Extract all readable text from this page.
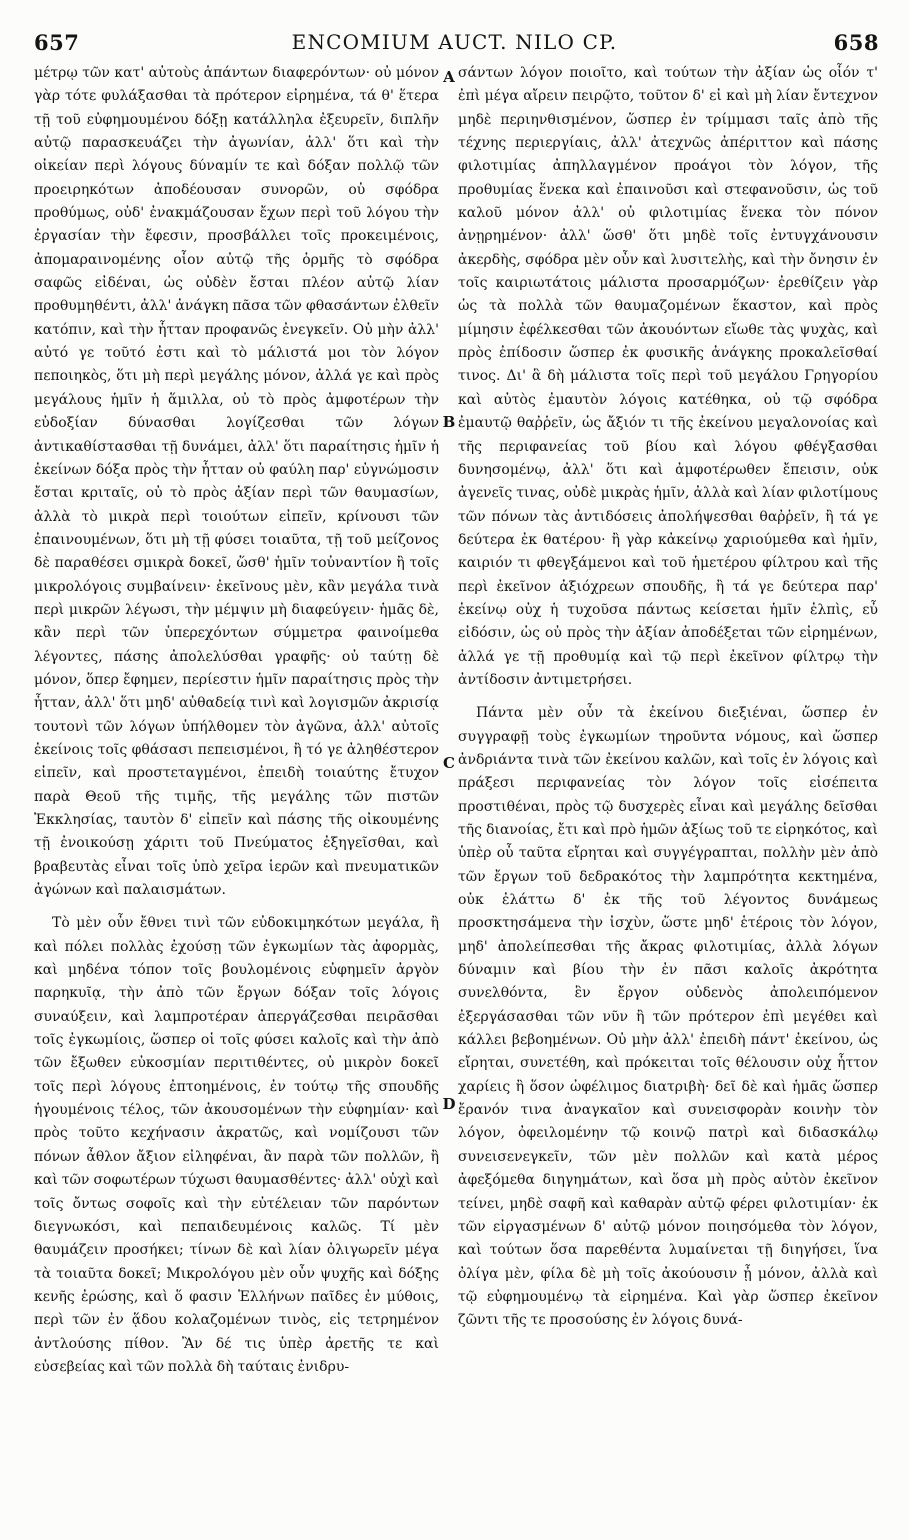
657	ENCOMIUM AUCT. NILO CP.	658

μέτρῳ τῶν κατ' αὐτοὺς ἁπάντων διαφερόντων· οὐ μόνον γὰρ τότε φυλάξασθαι τὰ πρότερον εἰρημένα, τά θ' ἕτερα τῇ τοῦ εὐφημουμένου δόξῃ κατάλληλα ἐξευρεῖν, διπλῆν αὐτῷ παρασκευάζει τὴν ἀγωνίαν, ἀλλ' ὅτι καὶ τὴν οἰκείαν περὶ λόγους δύναμίν τε καὶ δόξαν πολλῷ τῶν προειρηκότων ἀποδέουσαν συνορῶν, οὐ σφόδρα προθύμως, οὐδ' ἐνακμάζουσαν ἔχων περὶ τοῦ λόγου τὴν ἐργασίαν τὴν ἔφεσιν, προσβάλλει τοῖς προκειμένοις, ἀπομαραινομένης οἷον αὐτῷ τῆς ὁρμῆς τὸ σφόδρα σαφῶς εἰδέναι, ὡς οὐδὲν ἔσται πλέον αὐτῷ λίαν προθυμηθέντι, ἀλλ' ἀνάγκη πᾶσα τῶν φθασάντων ἐλθεῖν κατόπιν, καὶ τὴν ἧτταν προφανῶς ἐνεγκεῖν. Οὐ μὴν ἀλλ' αὐτό γε τοῦτό ἐστι καὶ τὸ μάλιστά μοι τὸν λόγον πεποιηκὸς, ὅτι μὴ περὶ μεγάλης μόνον, ἀλλά γε καὶ πρὸς μεγάλους ἡμῖν ἡ ἅμιλλα, οὐ τὸ πρὸς ἀμφοτέρων τὴν εὐδοξίαν δύνασθαι λογίζεσθαι τῶν λόγων ἀντικαθίστασθαι τῇ δυνάμει, ἀλλ' ὅτι παραίτησις ἡμῖν ἡ ἐκείνων δόξα πρὸς τὴν ἧτταν οὐ φαύλη παρ' εὐγνώμοσιν ἔσται κριταῖς, οὐ τὸ πρὸς ἀξίαν περὶ τῶν θαυμασίων, ἀλλὰ τὸ μικρὰ περὶ τοιούτων εἰπεῖν, κρίνουσι τῶν ἐπαινουμένων, ὅτι μὴ τῇ φύσει τοιαῦτα, τῇ τοῦ μείζονος δὲ παραθέσει σμικρὰ δοκεῖ, ὥσθ' ἡμῖν τοὐναντίον ἢ τοῖς μικρολόγοις συμβαίνειν· ἐκεῖνους μὲν, κἂν μεγάλα τινὰ περὶ μικρῶν λέγωσι, τὴν μέμψιν μὴ διαφεύγειν· ἡμᾶς δὲ, κἂν περὶ τῶν ὑπερεχόντων σύμμετρα φαινοίμεθα λέγοντες, πάσης ἀπολελύσθαι γραφῆς· οὐ ταύτῃ δὲ μόνον, ὅπερ ἔφημεν, περίεστιν ἡμῖν παραίτησις πρὸς τὴν ἧτταν, ἀλλ' ὅτι μηδ' αὐθαδείᾳ τινὶ καὶ λογισμῶν ἀκρισίᾳ τουτονὶ τῶν λόγων ὑπήλθομεν τὸν ἀγῶνα, ἀλλ' αὐτοῖς ἐκείνοις τοῖς φθάσασι πεπεισμένοι, ἢ τό γε ἀληθέστερον εἰπεῖν, καὶ προστεταγμένοι, ἐπειδὴ τοιαύτης ἔτυχον παρὰ Θεοῦ τῆς τιμῆς, τῆς μεγάλης τῶν πιστῶν Ἐκκλησίας, ταυτὸν δ' εἰπεῖν καὶ πάσης τῆς οἰκουμένης τῇ ἐνοικούσῃ χάριτι τοῦ Πνεύματος ἐξηγεῖσθαι, καὶ βραβευτὰς εἶναι τοῖς ὑπὸ χεῖρα ἱερῶν καὶ πνευματικῶν ἀγώνων καὶ παλαισμάτων.

Τὸ μὲν οὖν ἔθνει τινὶ τῶν εὐδοκιμηκότων μεγάλα, ἢ καὶ πόλει πολλὰς ἐχούσῃ τῶν ἐγκωμίων τὰς ἀφορμὰς, καὶ μηδένα τόπον τοῖς βουλομένοις εὐφημεῖν ἀργὸν παρηκυῖᾳ, τὴν ἀπὸ τῶν ἔργων δόξαν τοῖς λόγοις συναύξειν, καὶ λαμπροτέραν ἀπεργάζεσθαι πειρᾶσθαι τοῖς ἐγκωμίοις, ὥσπερ οἱ τοῖς φύσει καλοῖς καὶ τὴν ἀπὸ τῶν ἔξωθεν εὐκοσμίαν περιτιθέντες, οὐ μικρὸν δοκεῖ τοῖς περὶ λόγους ἐπτοημένοις, ἐν τούτῳ τῆς σπουδῆς ἡγουμένοις τέλος, τῶν ἀκουσομένων τὴν εὐφημίαν· καὶ πρὸς τοῦτο κεχήνασιν ἀκρατῶς, καὶ νομίζουσι τῶν πόνων ἆθλον ἄξιον εἰληφέναι, ἂν παρὰ τῶν πολλῶν, ἢ καὶ τῶν σοφωτέρων τύχωσι θαυμασθέντες· ἀλλ' οὐχὶ καὶ τοῖς ὄντως σοφοῖς καὶ τὴν εὐτέλειαν τῶν παρόντων διεγνωκόσι, καὶ πεπαιδευμένοις καλῶς. Τί μὲν θαυμάζειν προσήκει; τίνων δὲ καὶ λίαν ὀλιγωρεῖν μέγα τὰ τοιαῦτα δοκεῖ; Μικρολόγου μὲν οὖν ψυχῆς καὶ δόξης κενῆς ἐρώσης, καὶ ὅ φασιν Ἑλλήνων παῖδες ἐν μύθοις, περὶ τῶν ἐν ᾅδου κολαζομένων τινὸς, εἰς τετρημένον ἀντλούσης πίθον. Ἂν δέ τις ὑπὲρ ἀρετῆς τε καὶ εὐσεβείας καὶ τῶν πολλὰ δὴ ταύταις ἐνιδρυ-

A
B
C
D

σάντων λόγον ποιοῖτο, καὶ τούτων τὴν ἀξίαν ὡς οἷόν τ' ἐπὶ μέγα αἴρειν πειρῷτο, τοῦτον δ' εἰ καὶ μὴ λίαν ἔντεχνον μηδὲ περιηνθισμένον, ὥσπερ ἐν τρίμμασι ταῖς ἀπὸ τῆς τέχνης περιεργίαις, ἀλλ' ἀτεχνῶς ἀπέριττον καὶ πάσης φιλοτιμίας ἀπηλλαγμένον προάγοι τὸν λόγον, τῆς προθυμίας ἕνεκα καὶ ἐπαινοῦσι καὶ στεφανοῦσιν, ὡς τοῦ καλοῦ μόνον ἀλλ' οὐ φιλοτιμίας ἕνεκα τὸν πόνον ἀνῃρημένον· ἀλλ' ὥσθ' ὅτι μηδὲ τοῖς ἐντυγχάνουσιν ἀκερδὴς, σφόδρα μὲν οὖν καὶ λυσιτελὴς, καὶ τὴν ὄνησιν ἐν τοῖς καιριωτάτοις μάλιστα προσαρμόζων· ἐρεθίζειν γὰρ ὡς τὰ πολλὰ τῶν θαυμαζομένων ἕκαστον, καὶ πρὸς μίμησιν ἐφέλκεσθαι τῶν ἀκουόντων εἴωθε τὰς ψυχὰς, καὶ πρὸς ἐπίδοσιν ὥσπερ ἐκ φυσικῆς ἀνάγκης προκαλεῖσθαί τινος. Δι' ἃ δὴ μάλιστα τοῖς περὶ τοῦ μεγάλου Γρηγορίου καὶ αὐτὸς ἐμαυτὸν λόγοις κατέθηκα, οὐ τῷ σφόδρα ἐμαυτῷ θαῤῥεῖν, ὡς ἄξιόν τι τῆς ἐκείνου μεγαλονοίας καὶ τῆς περιφανείας τοῦ βίου καὶ λόγου φθέγξασθαι δυνησομένῳ, ἀλλ' ὅτι καὶ ἀμφοτέρωθεν ἔπεισιν, οὐκ ἀγενεῖς τινας, οὐδὲ μικρὰς ἡμῖν, ἀλλὰ καὶ λίαν φιλοτίμους τῶν πόνων τὰς ἀντιδόσεις ἀπολήψεσθαι θαῤῥεῖν, ἢ τά γε δεύτερα ἐκ θατέρου· ἢ γὰρ κἀκείνῳ χαριούμεθα καὶ ἡμῖν, καιριόν τι φθεγξάμενοι καὶ τοῦ ἡμετέρου φίλτρου καὶ τῆς περὶ ἐκεῖνον ἀξιόχρεων σπουδῆς, ἢ τά γε δεύτερα παρ' ἐκείνῳ οὐχ ἡ τυχοῦσα πάντως κείσεται ἡμῖν ἐλπὶς, εὖ εἰδόσιν, ὡς οὐ πρὸς τὴν ἀξίαν ἀποδέξεται τῶν εἰρημένων, ἀλλά γε τῇ προθυμίᾳ καὶ τῷ περὶ ἐκεῖνον φίλτρῳ τὴν ἀντίδοσιν ἀντιμετρήσει.

Πάντα μὲν οὖν τὰ ἐκείνου διεξιέναι, ὥσπερ ἐν συγγραφῇ τοὺς ἐγκωμίων τηροῦντα νόμους, καὶ ὥσπερ ἀνδριάντα τινὰ τῶν ἐκείνου καλῶν, καὶ τοῖς ἐν λόγοις καὶ πράξεσι περιφανείας τὸν λόγον τοῖς εἰσέπειτα προστιθέναι, πρὸς τῷ δυσχερὲς εἶναι καὶ μεγάλης δεῖσθαι τῆς διανοίας, ἔτι καὶ πρὸ ἡμῶν ἀξίως τοῦ τε εἰρηκότος, καὶ ὑπὲρ οὗ ταῦτα εἴρηται καὶ συγγέγραπται, πολλὴν μὲν ἀπὸ τῶν ἔργων τοῦ δεδρακότος τὴν λαμπρότητα κεκτημένα, οὐκ ἐλάττω δ' ἐκ τῆς τοῦ λέγοντος δυνάμεως προσκτησάμενα τὴν ἰσχὺν, ὥστε μηδ' ἑτέροις τὸν λόγον, μηδ' ἀπολείπεσθαι τῆς ἄκρας φιλοτιμίας, ἀλλὰ λόγων δύναμιν καὶ βίου τὴν ἐν πᾶσι καλοῖς ἀκρότητα συνελθόντα, ἓν ἔργον οὐδενὸς ἀπολειπόμενον ἐξεργάσασθαι τῶν νῦν ἢ τῶν πρότερον ἐπὶ μεγέθει καὶ κάλλει βεβοημένων. Οὐ μὴν ἀλλ' ἐπειδὴ πάντ' ἐκείνου, ὡς εἴρηται, συνετέθη, καὶ πρόκειται τοῖς θέλουσιν οὐχ ἧττον χαρίεις ἢ ὅσον ὠφέλιμος διατριβὴ· δεῖ δὲ καὶ ἡμᾶς ὥσπερ ἔρανόν τινα ἀναγκαῖον καὶ συνεισφορὰν κοινὴν τὸν λόγον, ὀφειλομένην τῷ κοινῷ πατρὶ καὶ διδασκάλῳ συνεισενεγκεῖν, τῶν μὲν πολλῶν καὶ κατὰ μέρος ἀφεξόμεθα διηγημάτων, καὶ ὅσα μὴ πρὸς αὐτὸν ἐκεῖνον τείνει, μηδὲ σαφῆ καὶ καθαρὰν αὐτῷ φέρει φιλοτιμίαν· ἐκ τῶν εἰργασμένων δ' αὐτῷ μόνον ποιησόμεθα τὸν λόγον, καὶ τούτων ὅσα παρεθέντα λυμαίνεται τῇ διηγήσει, ἵνα ὀλίγα μὲν, φίλα δὲ μὴ τοῖς ἀκούουσιν ᾖ μόνον, ἀλλὰ καὶ τῷ εὐφημουμένῳ τὰ εἰρημένα. Καὶ γὰρ ὥσπερ ἐκεῖνον ζῶντι τῆς τε προσούσης ἐν λόγοις δυνά-
